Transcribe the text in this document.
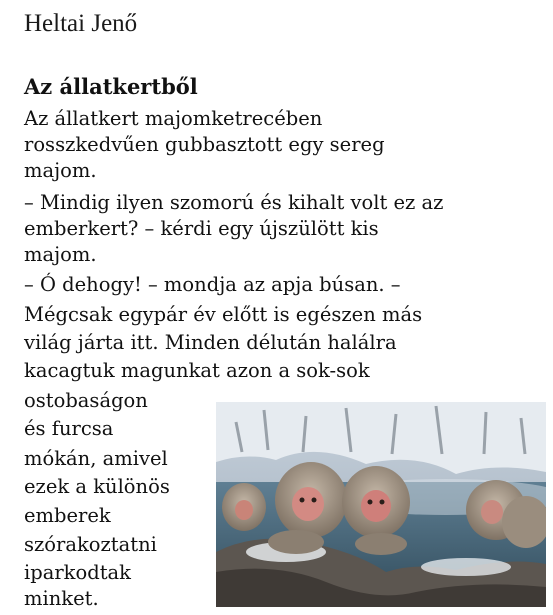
Heltai Jenő
Az állatkertből
Az állatkert majomketrecében
rosszkedvűen gubbasztott egy sereg
majom.
– Mindig ilyen szomorú és kihalt volt ez az
emberkert? – kérdi egy újszülött kis
majom.
– Ó dehogy! – mondja az apja búsan. –
Mégcsak egypár év előtt is egészen más
világ járta itt. Minden délután halálra
kacagtuk magunkat azon a sok-sok
ostobaságon
és furcsa
mókán, amivel
ezek a különös
emberek
szórakoztatni
iparkodtak
minket.
